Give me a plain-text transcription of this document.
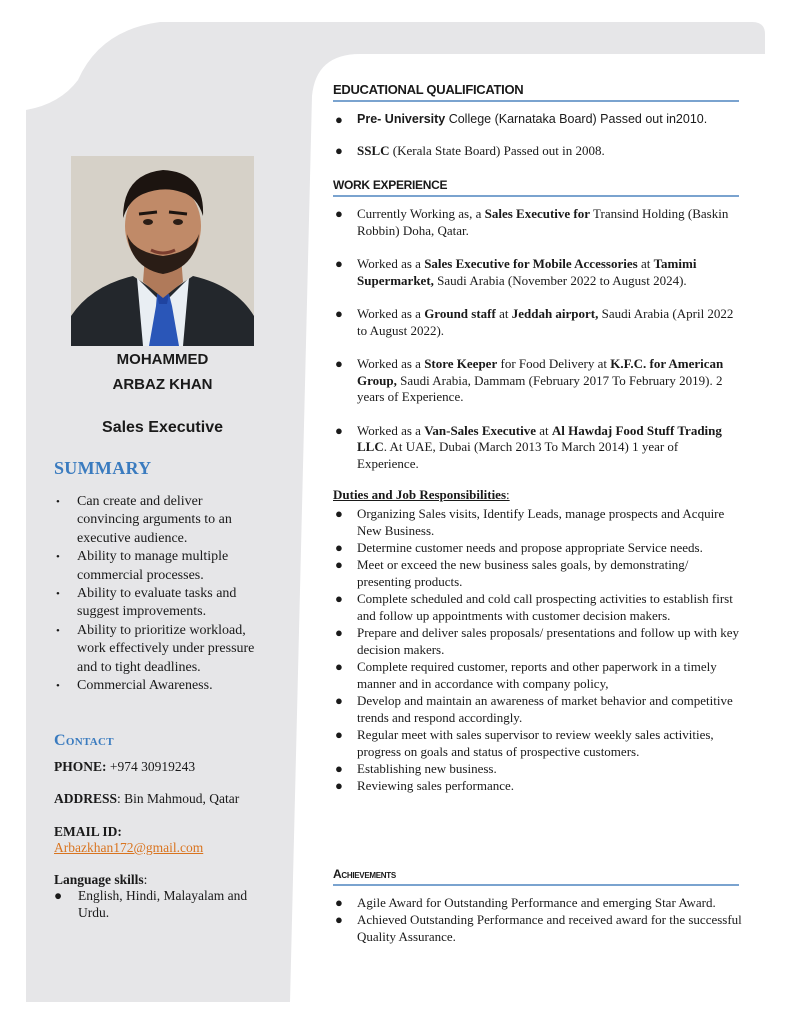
MOHAMMED
ARBAZ KHAN
Sales Executive
SUMMARY
• Can create and deliver convincing arguments to an executive audience.
• Ability to manage multiple commercial processes.
• Ability to evaluate tasks and suggest improvements.
• Ability to prioritize workload, work effectively under pressure and to tight deadlines.
• Commercial Awareness.
Contact
PHONE: +974 30919243
ADDRESS: Bin Mahmoud, Qatar
EMAIL ID:
Arbazkhan172@gmail.com
Language skills:
●	English, Hindi, Malayalam and Urdu.
EDUCATIONAL QUALIFICATION
● Pre- University College (Karnataka Board) Passed out in2010.
● SSLC (Kerala State Board) Passed out in 2008.
WORK EXPERIENCE
● Currently Working as, a Sales Executive for Transind Holding (Baskin Robbin) Doha, Qatar.
● Worked as a Sales Executive for Mobile Accessories at Tamimi Supermarket, Saudi Arabia (November 2022 to August 2024).
● Worked as a Ground staff at Jeddah airport, Saudi Arabia (April 2022 to August 2022).
● Worked as a Store Keeper for Food Delivery at K.F.C. for American Group, Saudi Arabia, Dammam (February 2017 To February 2019). 2 years of Experience.
● Worked as a Van-Sales Executive at Al Hawdaj Food Stuff Trading LLC. At UAE, Dubai (March 2013 To March 2014) 1 year of Experience.
Duties and Job Responsibilities:
● Organizing Sales visits, Identify Leads, manage prospects and Acquire New Business.
● Determine customer needs and propose appropriate Service needs.
● Meet or exceed the new business sales goals, by demonstrating/ presenting products.
● Complete scheduled and cold call prospecting activities to establish first and follow up appointments with customer decision makers.
● Prepare and deliver sales proposals/ presentations and follow up with key decision makers.
● Complete required customer, reports and other paperwork in a timely manner and in accordance with company policy,
● Develop and maintain an awareness of market behavior and competitive trends and respond accordingly.
● Regular meet with sales supervisor to review weekly sales activities, progress on goals and status of prospective customers.
● Establishing new business.
● Reviewing sales performance.
Achievements
● Agile Award for Outstanding Performance and emerging Star Award.
● Achieved Outstanding Performance and received award for the successful Quality Assurance.
